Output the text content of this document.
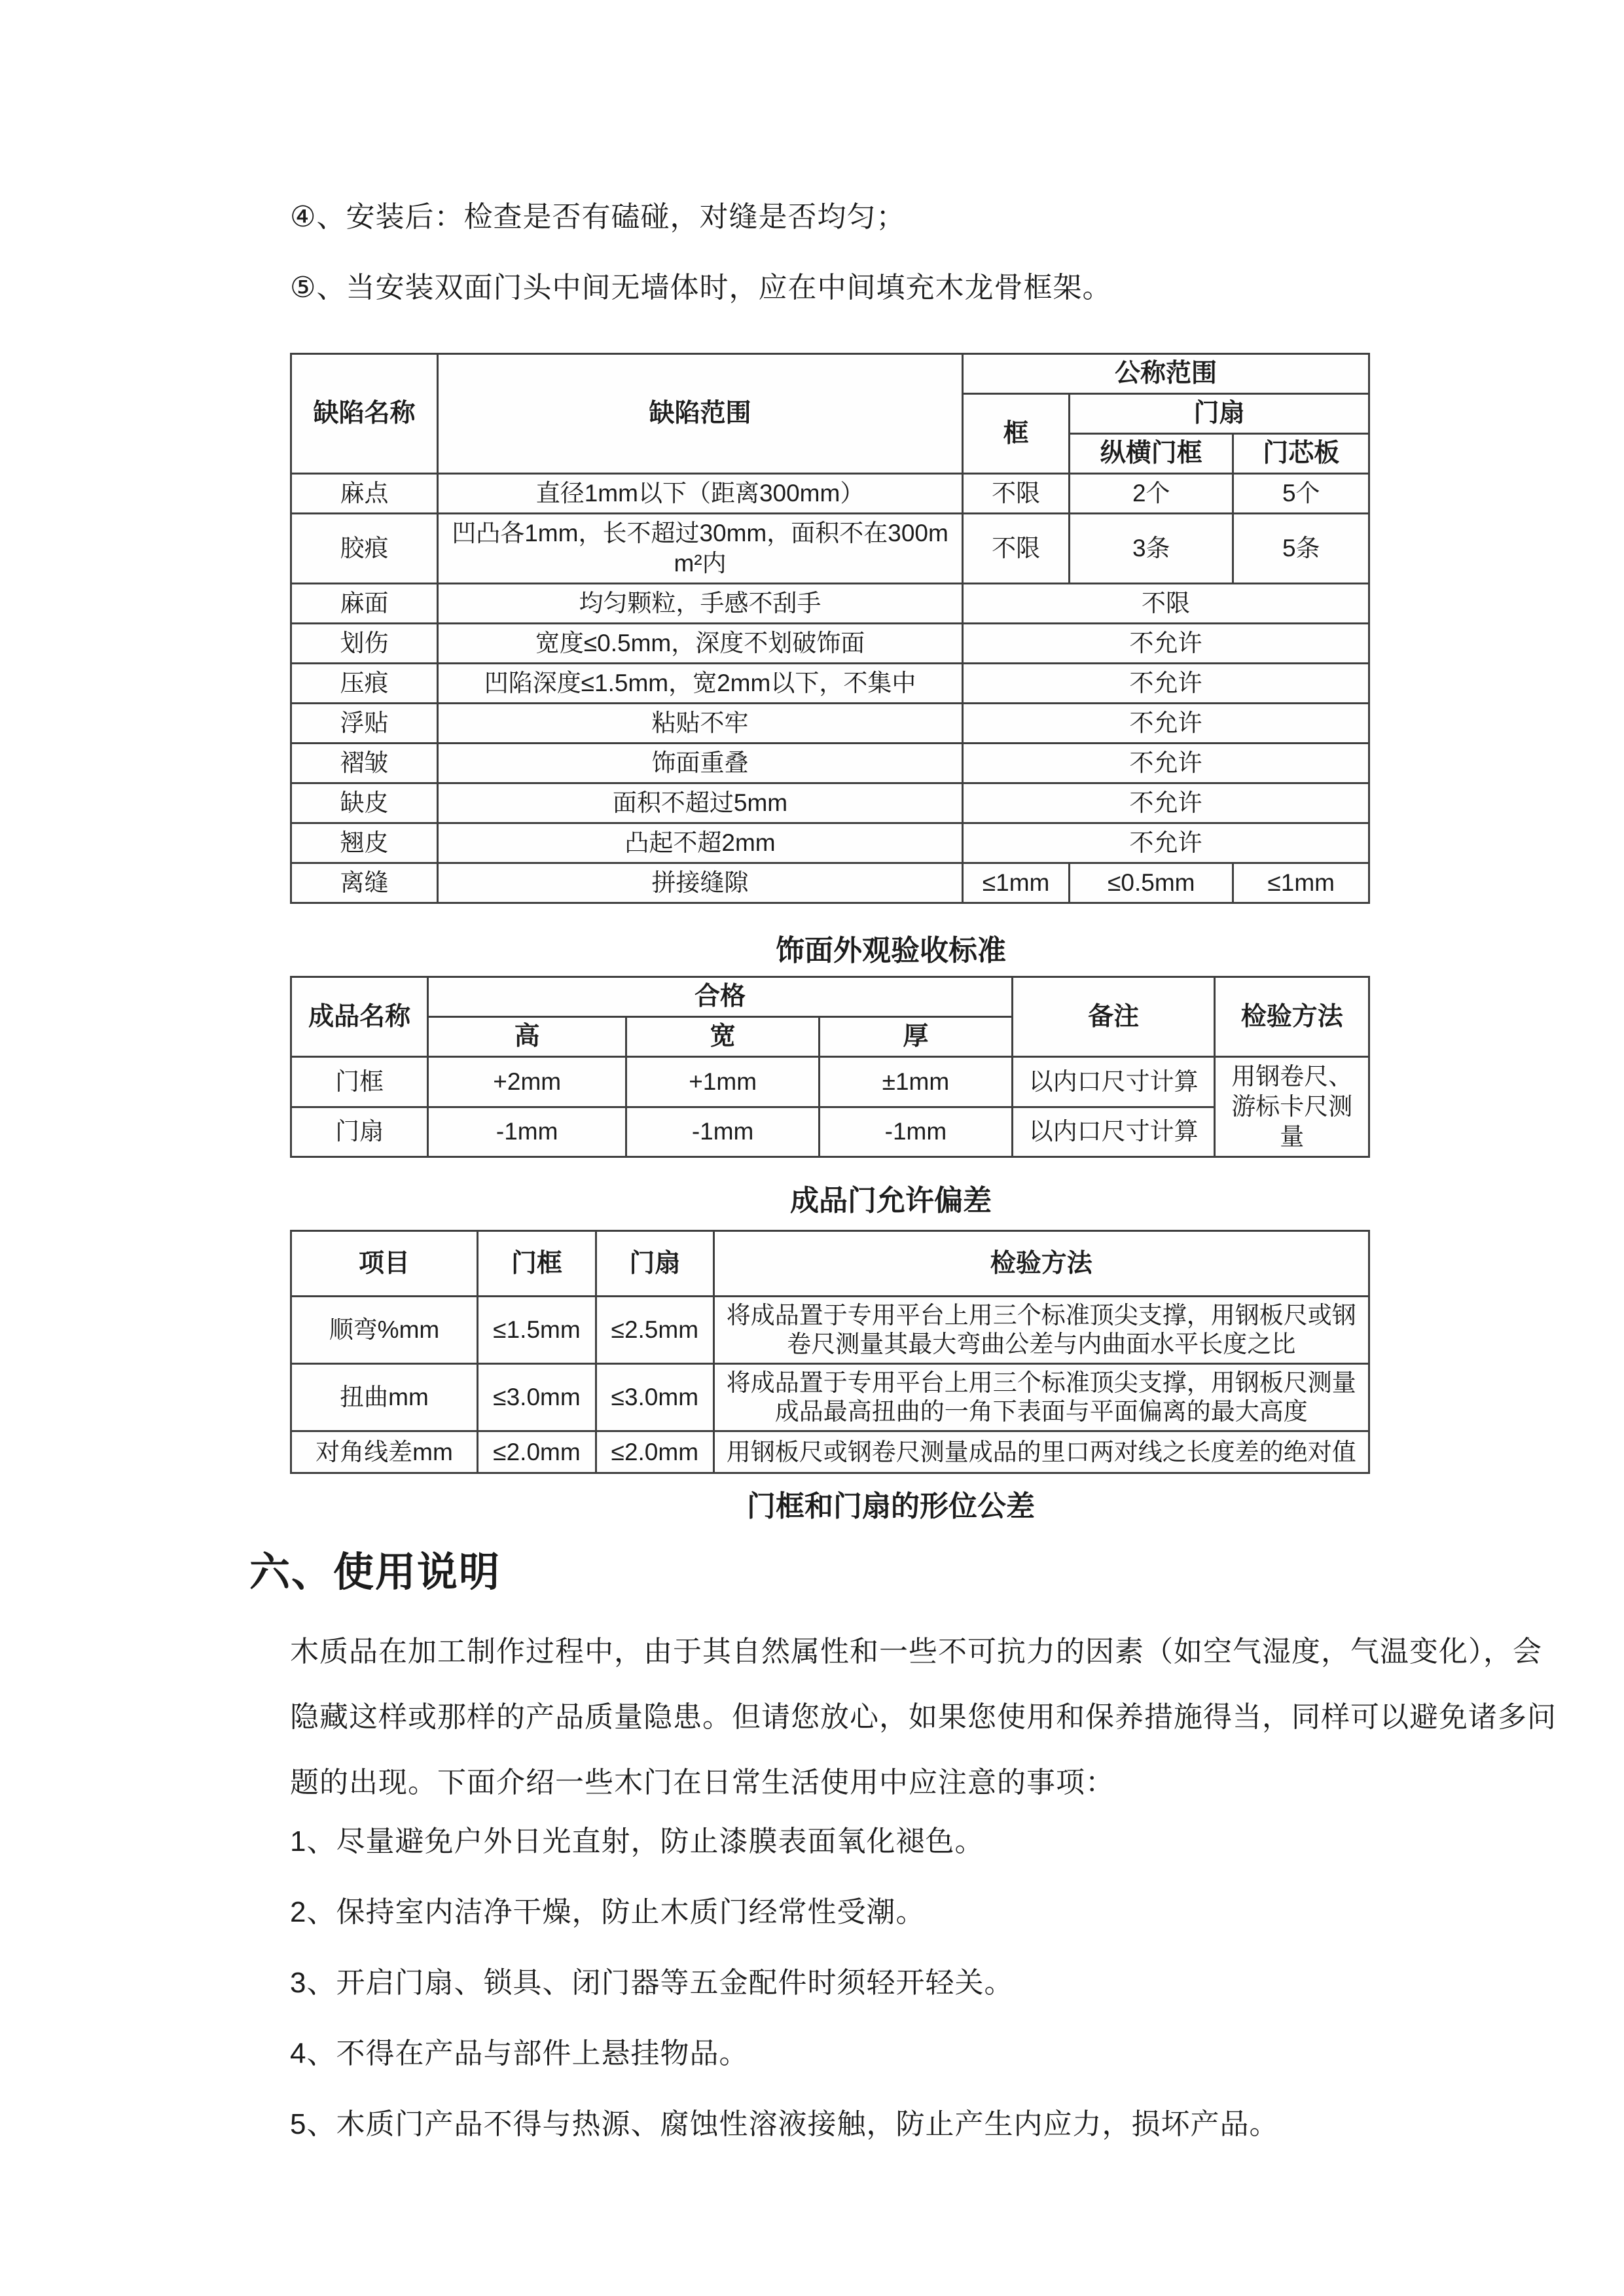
④、安装后：检查是否有磕碰，对缝是否均匀；

⑤、当安装双面门头中间无墙体时，应在中间填充木龙骨框架。

缺陷名称	缺陷范围	公称范围		
		框	门扇	
			纵横门框	门芯板
麻点	直径1mm以下（距离300mm）	不限	2个	5个
胶痕	凹凸各1mm，长不超过30mm，面积不在300mm²内	不限	3条	5条
麻面	均匀颗粒，手感不刮手	不限		
划伤	宽度≤0.5mm，深度不划破饰面	不允许		
压痕	凹陷深度≤1.5mm，宽2mm以下，不集中	不允许		
浮贴	粘贴不牢	不允许		
褶皱	饰面重叠	不允许		
缺皮	面积不超过5mm	不允许		
翘皮	凸起不超2mm	不允许		
离缝	拼接缝隙	≤1mm	≤0.5mm	≤1mm

饰面外观验收标准

成品名称	合格			备注	检验方法
	高	宽	厚		
门框	+2mm	+1mm	±1mm	以内口尺寸计算	用钢卷尺、游标卡尺测量
门扇	-1mm	-1mm	-1mm	以内口尺寸计算	

成品门允许偏差

项目	门框	门扇	检验方法
顺弯%mm	≤1.5mm	≤2.5mm	将成品置于专用平台上用三个标准顶尖支撑，用钢板尺或钢卷尺测量其最大弯曲公差与内曲面水平长度之比
扭曲mm	≤3.0mm	≤3.0mm	将成品置于专用平台上用三个标准顶尖支撑，用钢板尺测量成品最高扭曲的一角下表面与平面偏离的最大高度
对角线差mm	≤2.0mm	≤2.0mm	用钢板尺或钢卷尺测量成品的里口两对线之长度差的绝对值

门框和门扇的形位公差

六、使用说明

木质品在加工制作过程中，由于其自然属性和一些不可抗力的因素（如空气湿度，气温变化），会

隐藏这样或那样的产品质量隐患。但请您放心，如果您使用和保养措施得当，同样可以避免诸多问

题的出现。下面介绍一些木门在日常生活使用中应注意的事项：

1、尽量避免户外日光直射，防止漆膜表面氧化褪色。

2、保持室内洁净干燥，防止木质门经常性受潮。

3、开启门扇、锁具、闭门器等五金配件时须轻开轻关。

4、不得在产品与部件上悬挂物品。

5、木质门产品不得与热源、腐蚀性溶液接触，防止产生内应力，损坏产品。
